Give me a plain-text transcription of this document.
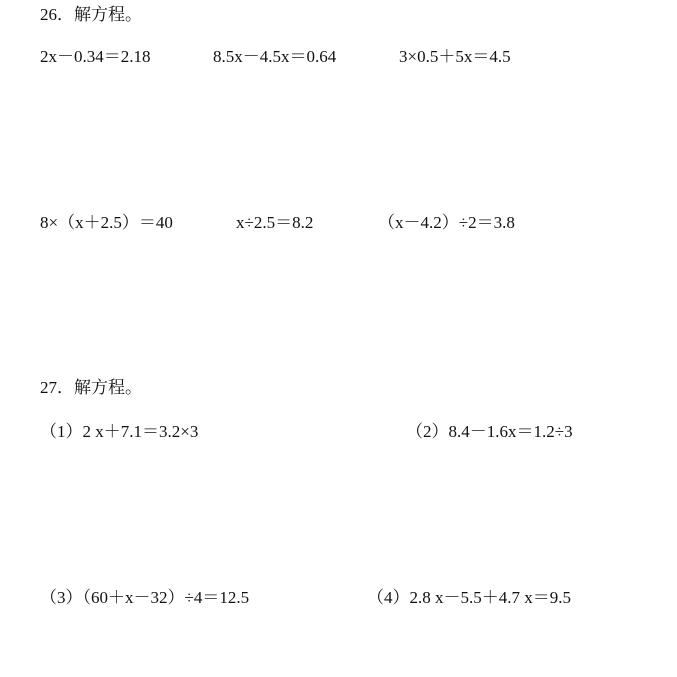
26．解方程。
2x－0.34＝2.18	8.5x－4.5x＝0.64	3×0.5＋5x＝4.5
8×（x＋2.5）＝40	x÷2.5＝8.2	（x－4.2）÷2＝3.8
27．解方程。
（1）2 x＋7.1＝3.2×3	（2）8.4－1.6x＝1.2÷3
（3）（60＋x－32）÷4＝12.5	（4）2.8 x－5.5＋4.7 x＝9.5
